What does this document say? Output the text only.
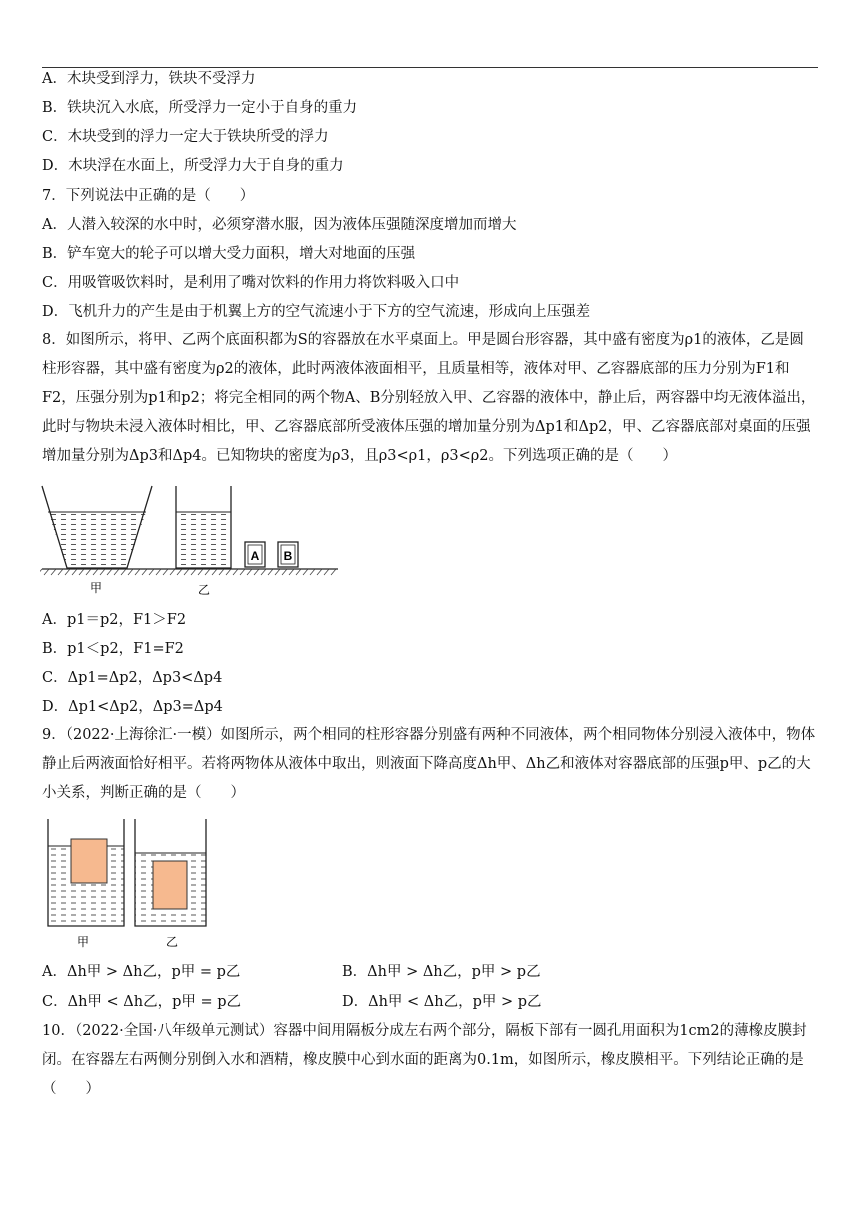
A．木块受到浮力，铁块不受浮力
B．铁块沉入水底，所受浮力一定小于自身的重力
C．木块受到的浮力一定大于铁块所受的浮力
D．木块浮在水面上，所受浮力大于自身的重力
7．下列说法中正确的是（　　）
A．人潜入较深的水中时，必须穿潜水服，因为液体压强随深度增加而增大
B．铲车宽大的轮子可以增大受力面积，增大对地面的压强
C．用吸管吸饮料时，是利用了嘴对饮料的作用力将饮料吸入口中
D．飞机升力的产生是由于机翼上方的空气流速小于下方的空气流速，形成向上压强差
8．如图所示，将甲、乙两个底面积都为S的容器放在水平桌面上。甲是圆台形容器，其中盛有密度为ρ1的液体，乙是圆柱形容器，其中盛有密度为ρ2的液体，此时两液体液面相平，且质量相等，液体对甲、乙容器底部的压力分别为F1和F2，压强分别为p1和p2；将完全相同的两个物A、B分别轻放入甲、乙容器的液体中，静止后，两容器中均无液体溢出，此时与物块未浸入液体时相比，甲、乙容器底部所受液体压强的增加量分别为Δp1和Δp2，甲、乙容器底部对桌面的压强增加量分别为Δp3和Δp4。已知物块的密度为ρ3，且ρ3<ρ1，ρ3<ρ2。下列选项正确的是（　　）
A B
甲	乙
A．p1＝p2，F1＞F2
B．p1＜p2，F1=F2
C．Δp1=Δp2，Δp3<Δp4
D．Δp1<Δp2，Δp3=Δp4
9．（2022·上海徐汇·一模）如图所示，两个相同的柱形容器分别盛有两种不同液体，两个相同物体分别浸入液体中，物体静止后两液面恰好相平。若将两物体从液体中取出，则液面下降高度Δh甲、Δh乙和液体对容器底部的压强p甲、p乙的大小关系，判断正确的是（　　）
甲	乙
A．Δh甲 > Δh乙，p甲 = p乙	B．Δh甲 > Δh乙，p甲 > p乙
C．Δh甲 < Δh乙，p甲 = p乙	D．Δh甲 < Δh乙，p甲 > p乙
10．（2022·全国·八年级单元测试）容器中间用隔板分成左右两个部分，隔板下部有一圆孔用面积为1cm2的薄橡皮膜封闭。在容器左右两侧分别倒入水和酒精，橡皮膜中心到水面的距离为0.1m，如图所示，橡皮膜相平。下列结论正确的是（　　）
